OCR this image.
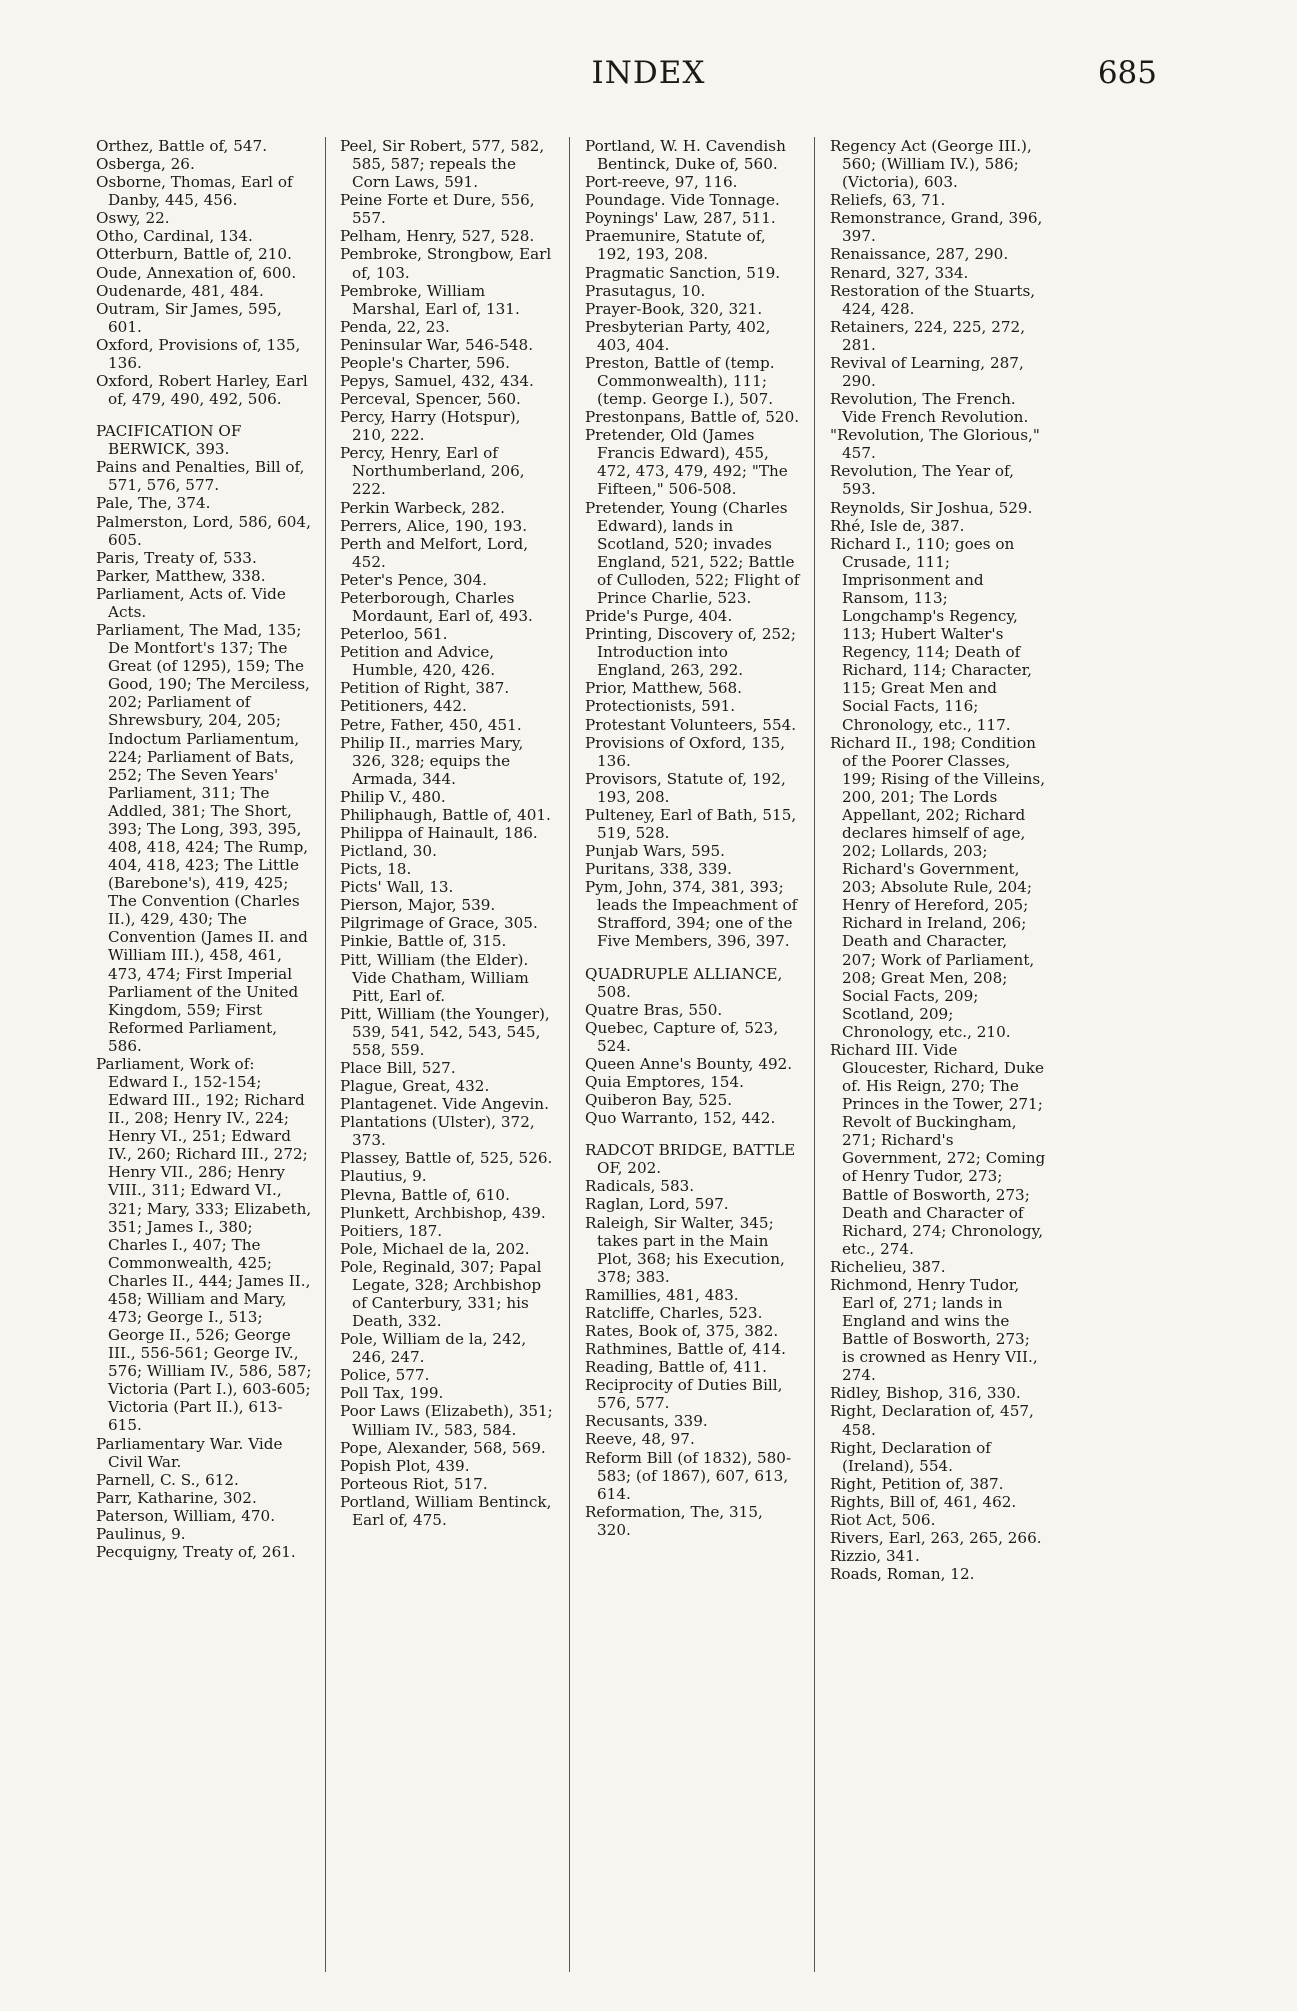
INDEX	685

Orthez, Battle of, 547.

Osberga, 26.

Osborne, Thomas, Earl of Danby, 445, 456.

Oswy, 22.

Otho, Cardinal, 134.

Otterburn, Battle of, 210.

Oude, Annexation of, 600.

Oudenarde, 481, 484.

Outram, Sir James, 595, 601.

Oxford, Provisions of, 135, 136.

Oxford, Robert Harley, Earl of, 479, 490, 492, 506.

PACIFICATION OF BERWICK, 393.

Pains and Penalties, Bill of, 571, 576, 577.

Pale, The, 374.

Palmerston, Lord, 586, 604, 605.

Paris, Treaty of, 533.

Parker, Matthew, 338.

Parliament, Acts of. Vide Acts.

Parliament, The Mad, 135; De Montfort's 137; The Great (of 1295), 159; The Good, 190; The Merciless, 202; Parliament of Shrewsbury, 204, 205; Indoctum Parliamentum, 224; Parliament of Bats, 252; The Seven Years' Parliament, 311; The Addled, 381; The Short, 393; The Long, 393, 395, 408, 418, 424; The Rump, 404, 418, 423; The Little (Barebone's), 419, 425; The Convention (Charles II.), 429, 430; The Convention (James II. and William III.), 458, 461, 473, 474; First Imperial Parliament of the United Kingdom, 559; First Reformed Parliament, 586.

Parliament, Work of: Edward I., 152-154; Edward III., 192; Richard II., 208; Henry IV., 224; Henry VI., 251; Edward IV., 260; Richard III., 272; Henry VII., 286; Henry VIII., 311; Edward VI., 321; Mary, 333; Elizabeth, 351; James I., 380; Charles I., 407; The Commonwealth, 425; Charles II., 444; James II., 458; William and Mary, 473; George I., 513; George II., 526; George III., 556-561; George IV., 576; William IV., 586, 587; Victoria (Part I.), 603-605; Victoria (Part II.), 613-615.

Parliamentary War. Vide Civil War.

Parnell, C. S., 612.

Parr, Katharine, 302.

Paterson, William, 470.

Paulinus, 9.

Pecquigny, Treaty of, 261.

Peel, Sir Robert, 577, 582, 585, 587; repeals the Corn Laws, 591.

Peine Forte et Dure, 556, 557.

Pelham, Henry, 527, 528.

Pembroke, Strongbow, Earl of, 103.

Pembroke, William Marshal, Earl of, 131.

Penda, 22, 23.

Peninsular War, 546-548.

People's Charter, 596.

Pepys, Samuel, 432, 434.

Perceval, Spencer, 560.

Percy, Harry (Hotspur), 210, 222.

Percy, Henry, Earl of Northumberland, 206, 222.

Perkin Warbeck, 282.

Perrers, Alice, 190, 193.

Perth and Melfort, Lord, 452.

Peter's Pence, 304.

Peterborough, Charles Mordaunt, Earl of, 493.

Peterloo, 561.

Petition and Advice, Humble, 420, 426.

Petition of Right, 387.

Petitioners, 442.

Petre, Father, 450, 451.

Philip II., marries Mary, 326, 328; equips the Armada, 344.

Philip V., 480.

Philiphaugh, Battle of, 401.

Philippa of Hainault, 186.

Pictland, 30.

Picts, 18.

Picts' Wall, 13.

Pierson, Major, 539.

Pilgrimage of Grace, 305.

Pinkie, Battle of, 315.

Pitt, William (the Elder). Vide Chatham, William Pitt, Earl of.

Pitt, William (the Younger), 539, 541, 542, 543, 545, 558, 559.

Place Bill, 527.

Plague, Great, 432.

Plantagenet. Vide Angevin.

Plantations (Ulster), 372, 373.

Plassey, Battle of, 525, 526.

Plautius, 9.

Plevna, Battle of, 610.

Plunkett, Archbishop, 439.

Poitiers, 187.

Pole, Michael de la, 202.

Pole, Reginald, 307; Papal Legate, 328; Archbishop of Canterbury, 331; his Death, 332.

Pole, William de la, 242, 246, 247.

Police, 577.

Poll Tax, 199.

Poor Laws (Elizabeth), 351; William IV., 583, 584.

Pope, Alexander, 568, 569.

Popish Plot, 439.

Porteous Riot, 517.

Portland, William Bentinck, Earl of, 475.

Portland, W. H. Cavendish Bentinck, Duke of, 560.

Port-reeve, 97, 116.

Poundage. Vide Tonnage.

Poynings' Law, 287, 511.

Praemunire, Statute of, 192, 193, 208.

Pragmatic Sanction, 519.

Prasutagus, 10.

Prayer-Book, 320, 321.

Presbyterian Party, 402, 403, 404.

Preston, Battle of (temp. Commonwealth), 111; (temp. George I.), 507.

Prestonpans, Battle of, 520.

Pretender, Old (James Francis Edward), 455, 472, 473, 479, 492; "The Fifteen," 506-508.

Pretender, Young (Charles Edward), lands in Scotland, 520; invades England, 521, 522; Battle of Culloden, 522; Flight of Prince Charlie, 523.

Pride's Purge, 404.

Printing, Discovery of, 252; Introduction into England, 263, 292.

Prior, Matthew, 568.

Protectionists, 591.

Protestant Volunteers, 554.

Provisions of Oxford, 135, 136.

Provisors, Statute of, 192, 193, 208.

Pulteney, Earl of Bath, 515, 519, 528.

Punjab Wars, 595.

Puritans, 338, 339.

Pym, John, 374, 381, 393; leads the Impeachment of Strafford, 394; one of the Five Members, 396, 397.

QUADRUPLE ALLIANCE, 508.

Quatre Bras, 550.

Quebec, Capture of, 523, 524.

Queen Anne's Bounty, 492.

Quia Emptores, 154.

Quiberon Bay, 525.

Quo Warranto, 152, 442.

RADCOT BRIDGE, BATTLE OF, 202.

Radicals, 583.

Raglan, Lord, 597.

Raleigh, Sir Walter, 345; takes part in the Main Plot, 368; his Execution, 378; 383.

Ramillies, 481, 483.

Ratcliffe, Charles, 523.

Rates, Book of, 375, 382.

Rathmines, Battle of, 414.

Reading, Battle of, 411.

Reciprocity of Duties Bill, 576, 577.

Recusants, 339.

Reeve, 48, 97.

Reform Bill (of 1832), 580-583; (of 1867), 607, 613, 614.

Reformation, The, 315, 320.

Regency Act (George III.), 560; (William IV.), 586; (Victoria), 603.

Reliefs, 63, 71.

Remonstrance, Grand, 396, 397.

Renaissance, 287, 290.

Renard, 327, 334.

Restoration of the Stuarts, 424, 428.

Retainers, 224, 225, 272, 281.

Revival of Learning, 287, 290.

Revolution, The French. Vide French Revolution.

"Revolution, The Glorious," 457.

Revolution, The Year of, 593.

Reynolds, Sir Joshua, 529.

Rhé, Isle de, 387.

Richard I., 110; goes on Crusade, 111; Imprisonment and Ransom, 113; Longchamp's Regency, 113; Hubert Walter's Regency, 114; Death of Richard, 114; Character, 115; Great Men and Social Facts, 116; Chronology, etc., 117.

Richard II., 198; Condition of the Poorer Classes, 199; Rising of the Villeins, 200, 201; The Lords Appellant, 202; Richard declares himself of age, 202; Lollards, 203; Richard's Government, 203; Absolute Rule, 204; Henry of Hereford, 205; Richard in Ireland, 206; Death and Character, 207; Work of Parliament, 208; Great Men, 208; Social Facts, 209; Scotland, 209; Chronology, etc., 210.

Richard III. Vide Gloucester, Richard, Duke of. His Reign, 270; The Princes in the Tower, 271; Revolt of Buckingham, 271; Richard's Government, 272; Coming of Henry Tudor, 273; Battle of Bosworth, 273; Death and Character of Richard, 274; Chronology, etc., 274.

Richelieu, 387.

Richmond, Henry Tudor, Earl of, 271; lands in England and wins the Battle of Bosworth, 273; is crowned as Henry VII., 274.

Ridley, Bishop, 316, 330.

Right, Declaration of, 457, 458.

Right, Declaration of (Ireland), 554.

Right, Petition of, 387.

Rights, Bill of, 461, 462.

Riot Act, 506.

Rivers, Earl, 263, 265, 266.

Rizzio, 341.

Roads, Roman, 12.
